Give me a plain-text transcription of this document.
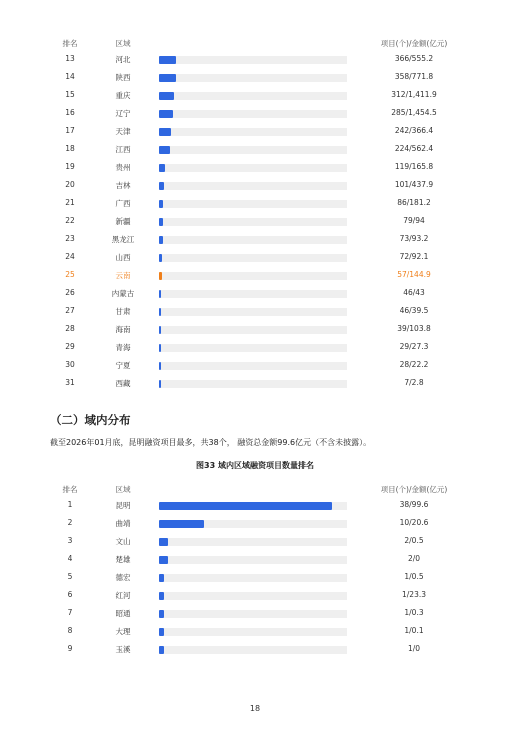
排名	区域	项目(个)/金额(亿元)
13	河北	366/555.2
14	陕西	358/771.8
15	重庆	312/1,411.9
16	辽宁	285/1,454.5
17	天津	242/366.4
18	江西	224/562.4
19	贵州	119/165.8
20	吉林	101/437.9
21	广西	86/181.2
22	新疆	79/94
23	黑龙江	73/93.2
24	山西	72/92.1
25	云南	57/144.9
26	内蒙古	46/43
27	甘肃	46/39.5
28	海南	39/103.8
29	青海	29/27.3
30	宁夏	28/22.2
31	西藏	7/2.8
（二）域内分布
截至2026年01月底，昆明融资项目最多，共38个， 融资总金额99.6亿元（不含未披露）。
图33 域内区域融资项目数量排名
排名	区域	项目(个)/金额(亿元)
1	昆明	38/99.6
2	曲靖	10/20.6
3	文山	2/0.5
4	楚雄	2/0
5	德宏	1/0.5
6	红河	1/23.3
7	昭通	1/0.3
8	大理	1/0.1
9	玉溪	1/0
18
